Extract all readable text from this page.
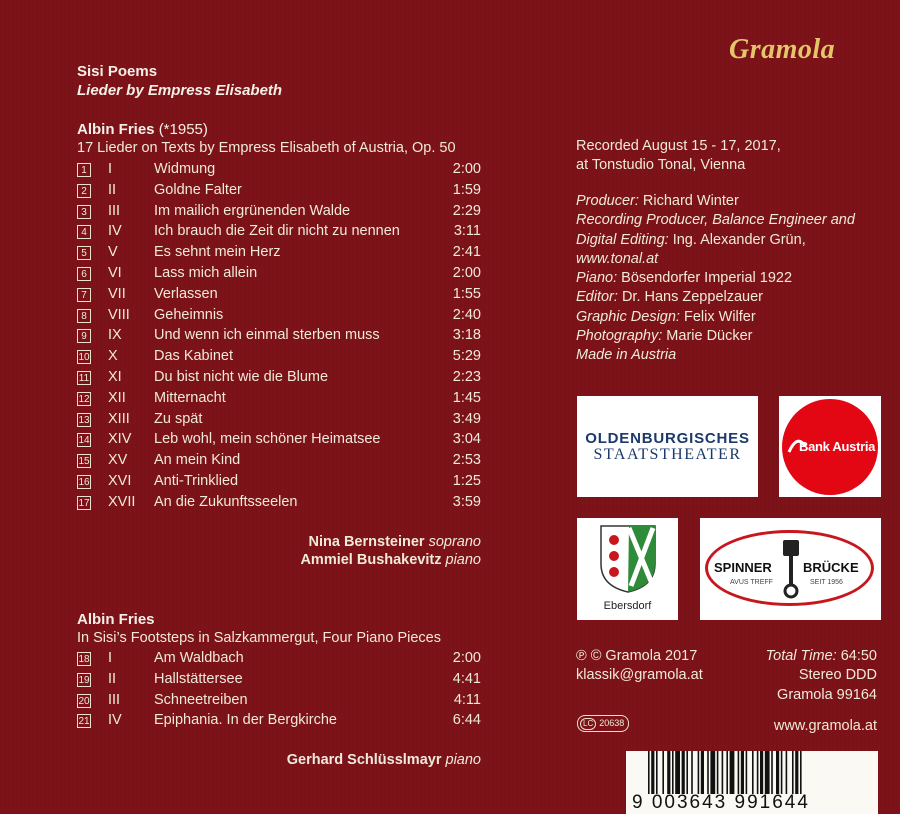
Gramola
Sisi Poems
Lieder by Empress Elisabeth
Albin Fries (*1955)
17 Lieder on Texts by Empress Elisabeth of Austria, Op. 50
1 I	Widmung	2:00
2 II	Goldne Falter	1:59
3 III Im mailich ergrünenden Walde	2:29
4 IV Ich brauch die Zeit dir nicht zu nennen	3:11
5 V	Es sehnt mein Herz	2:41
6 VI Lass mich allein	2:00
7 VII Verlassen	1:55
8 VIII Geheimnis	2:40
9 IX Und wenn ich einmal sterben muss	3:18
10 X	Das Kabinet	5:29
11 XI Du bist nicht wie die Blume	2:23
12 XII Mitternacht	1:45
13 XIII Zu spät	3:49
14 XIV Leb wohl, mein schöner Heimatsee	3:04
15 XV An mein Kind	2:53
16 XVI Anti-Trinklied	1:25
17 XVII An die Zukunftsseelen	3:59
Nina Bernsteiner soprano
Ammiel Bushakevitz piano
Albin Fries
In Sisi’s Footsteps in Salzkammergut, Four Piano Pieces
18 I	Am Waldbach	2:00
19 II	Hallstättersee	4:41
20 III Schneetreiben	4:11
21 IV Epiphania. In der Bergkirche	6:44
Gerhard Schlüsslmayr piano
Recorded August 15 - 17, 2017,
at Tonstudio Tonal, Vienna
Producer: Richard Winter
Recording Producer, Balance Engineer and
Digital Editing: Ing. Alexander Grün,
www.tonal.at
Piano: Bösendorfer Imperial 1922
Editor: Dr. Hans Zeppelzauer
Graphic Design: Felix Wilfer
Photography: Marie Dücker
Made in Austria
OLDENBURGISCHES
STAATSTHEATER	Bank Austria
Ebersdorf
SPINNER BRÜCKE
AVUS TREFF	SEIT 1956
℗ © Gramola 2017
klassik@gramola.at
Total Time: 64:50
Stereo DDD
Gramola 99164
LC 20638	www.gramola.at
9 003643 991644
